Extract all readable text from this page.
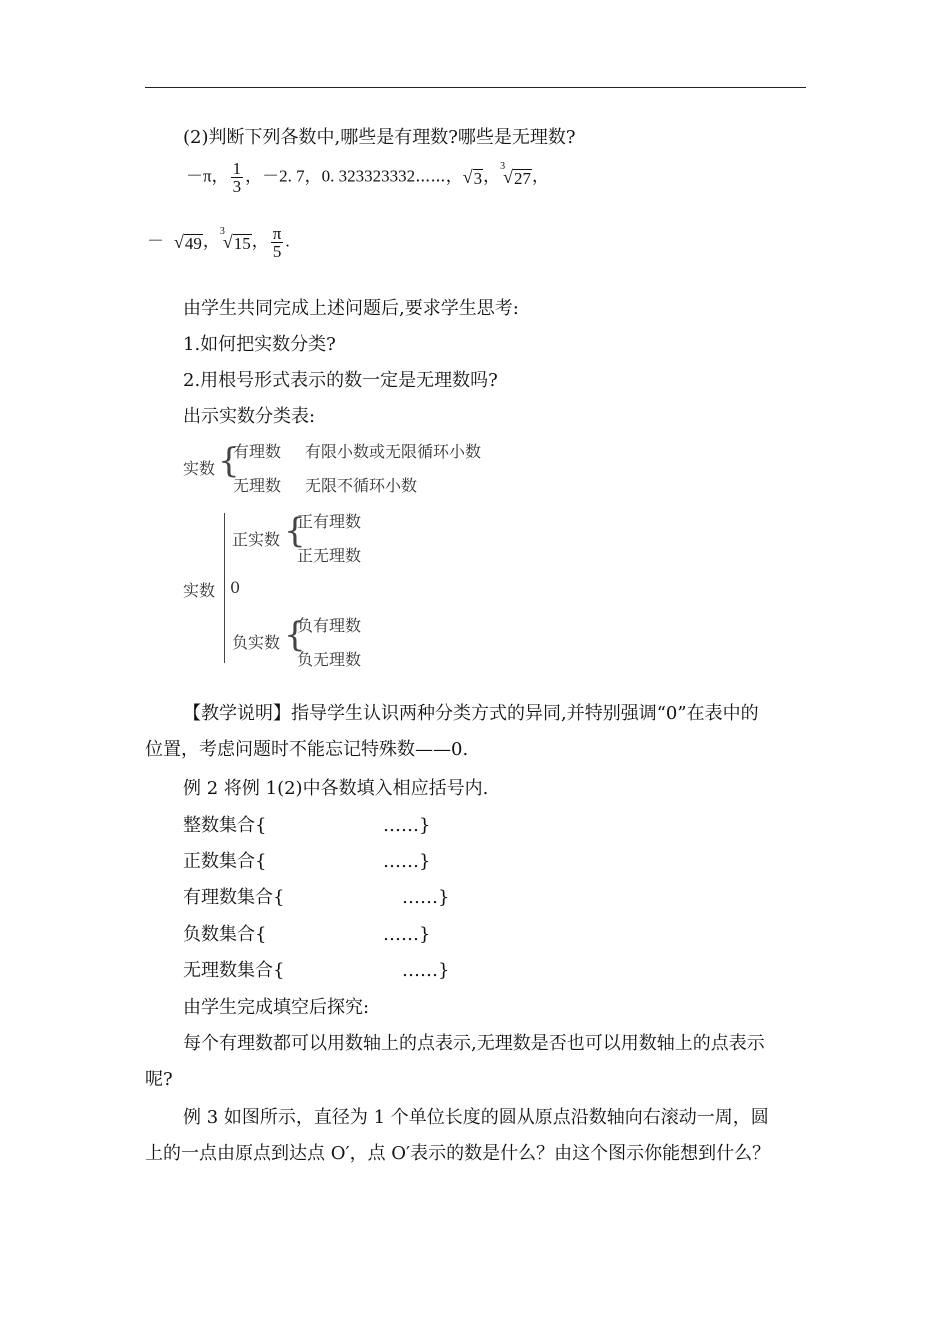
(2)判断下列各数中,哪些是有理数?哪些是无理数?
－π， $\frac{1}{3}$ ，－2. 7，0. 323323332⋯⋯， √ 3 ， 3
√ 27 ，
－ √ 49 ， 3
√ 15 ， $\frac{\pi}{5}$ .
由学生共同完成上述问题后,要求学生思考:
1.如何把实数分类?
2.用根号形式表示的数一定是无理数吗?
出示实数分类表:
实数 {
有理数 有限小数或无限循环小数
无理数 无限不循环小数
实数
正实数 {
正有理数
正无理数
0
负实数 {
负有理数
负无理数
【教学说明】指导学生认识两种分类方式的异同,并特别强调“0”在表中的
位置，考虑问题时不能忘记特殊数——0.
例 2 将例 1(2)中各数填入相应括号内.
整数集合{	……}
正数集合{	……}
有理数集合{	……}
负数集合{	……}
无理数集合{	……}
由学生完成填空后探究:
每个有理数都可以用数轴上的点表示,无理数是否也可以用数轴上的点表示
呢?
例 3 如图所示，直径为 1 个单位长度的圆从原点沿数轴向右滚动一周，圆
上的一点由原点到达点 O′，点 O′表示的数是什么？由这个图示你能想到什么？
